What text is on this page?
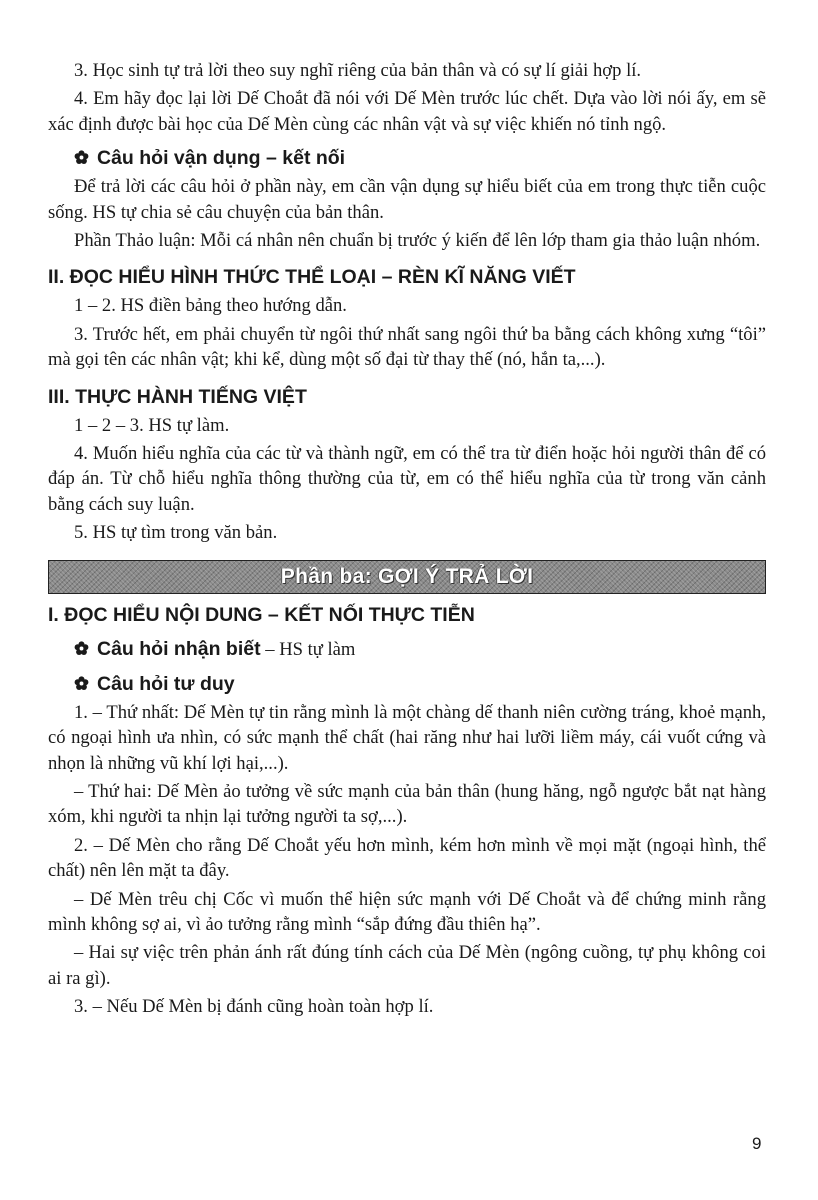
3. Học sinh tự trả lời theo suy nghĩ riêng của bản thân và có sự lí giải hợp lí.

4. Em hãy đọc lại lời Dế Choắt đã nói với Dế Mèn trước lúc chết. Dựa vào lời nói ấy, em sẽ xác định được bài học của Dế Mèn cùng các nhân vật và sự việc khiến nó tỉnh ngộ.

Câu hỏi vận dụng – kết nối

Để trả lời các câu hỏi ở phần này, em cần vận dụng sự hiểu biết của em trong thực tiễn cuộc sống. HS tự chia sẻ câu chuyện của bản thân.

Phần Thảo luận: Mỗi cá nhân nên chuẩn bị trước ý kiến để lên lớp tham gia thảo luận nhóm.

II. ĐỌC HIỂU HÌNH THỨC THỂ LOẠI – RÈN KĨ NĂNG VIẾT

1 – 2. HS điền bảng theo hướng dẫn.

3. Trước hết, em phải chuyển từ ngôi thứ nhất sang ngôi thứ ba bằng cách không xưng “tôi” mà gọi tên các nhân vật; khi kể, dùng một số đại từ thay thế (nó, hắn ta,...).

III. THỰC HÀNH TIẾNG VIỆT

1 – 2 – 3. HS tự làm.

4. Muốn hiểu nghĩa của các từ và thành ngữ, em có thể tra từ điển hoặc hỏi người thân để có đáp án. Từ chỗ hiểu nghĩa thông thường của từ, em có thể hiểu nghĩa của từ trong văn cảnh bằng cách suy luận.

5. HS tự tìm trong văn bản.

Phần ba: GỢI Ý TRẢ LỜI
I. ĐỌC HIỂU NỘI DUNG – KẾT NỐI THỰC TIỄN
Câu hỏi nhận biết – HS tự làm
Câu hỏi tư duy

1. – Thứ nhất: Dế Mèn tự tin rằng mình là một chàng dế thanh niên cường tráng, khoẻ mạnh, có ngoại hình ưa nhìn, có sức mạnh thể chất (hai răng như hai lưỡi liềm máy, cái vuốt cứng và nhọn là những vũ khí lợi hại,...).

– Thứ hai: Dế Mèn ảo tưởng về sức mạnh của bản thân (hung hăng, ngỗ ngược bắt nạt hàng xóm, khi người ta nhịn lại tưởng người ta sợ,...).

2. – Dế Mèn cho rằng Dế Choắt yếu hơn mình, kém hơn mình về mọi mặt (ngoại hình, thể chất) nên lên mặt ta đây.

– Dế Mèn trêu chị Cốc vì muốn thể hiện sức mạnh với Dế Choắt và để chứng minh rằng mình không sợ ai, vì ảo tưởng rằng mình “sắp đứng đầu thiên hạ”.

– Hai sự việc trên phản ánh rất đúng tính cách của Dế Mèn (ngông cuồng, tự phụ không coi ai ra gì).

3. – Nếu Dế Mèn bị đánh cũng hoàn toàn hợp lí.

9
